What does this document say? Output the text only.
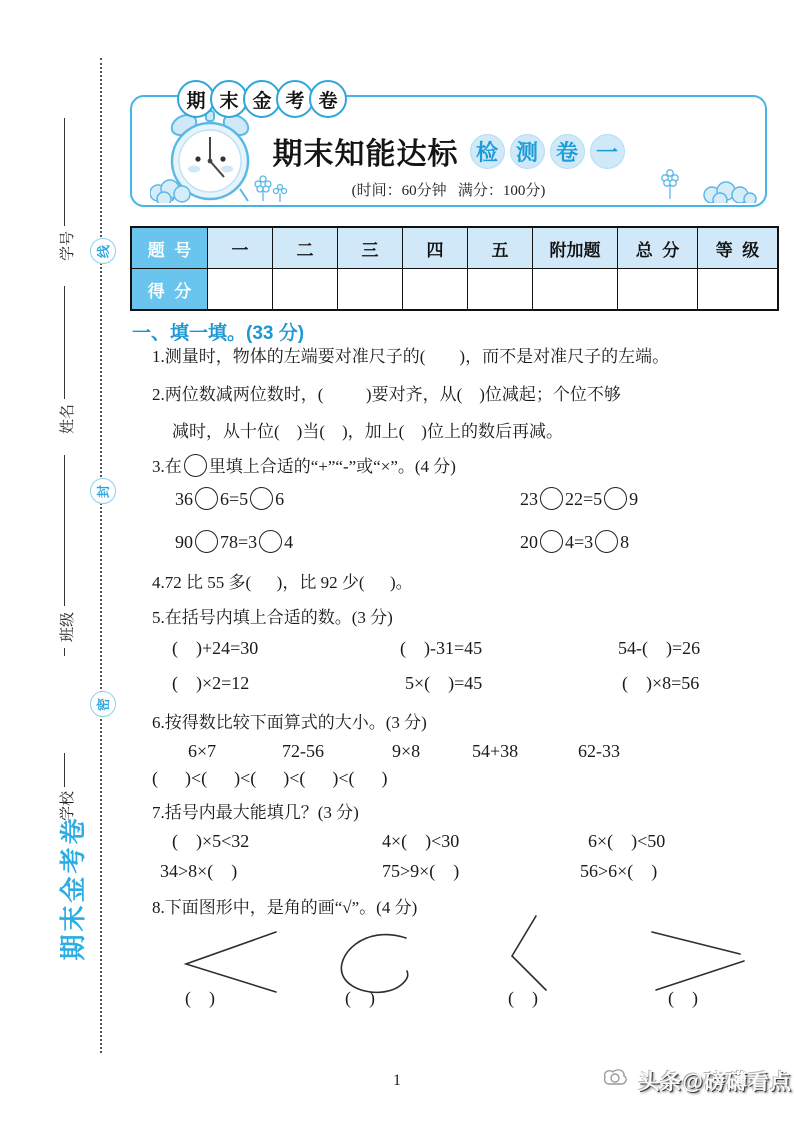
学号
姓名
班级
学校
线
封
密
期末金考卷
期 末 金 考 卷
期末知能达标 检 测 卷 一
(时间：60分钟   满分：100分)
题  号	一	二	三	四	五	附加题	总  分	等  级
得  分								
一、填一填。(33 分)
1.测量时，物体的左端要对准尺子的(        )，而不是对准尺子的左端。
2.两位数减两位数时，(          )要对齐，从(    )位减起；个位不够
减时，从十位(    )当(    )，加上(    )位上的数后再减。
3.在 里填上合适的“+”“-”或“×”。(4 分)
36 6=5 6	23 22=5 9
90 78=3 4	20 4=3 8
4.72 比 55 多(      )，比 92 少(      )。
5.在括号内填上合适的数。(3 分)
(    )+24=30	(    )-31=45	54-(    )=26
(    )×2=12	5×(    )=45	(    )×8=56
6.按得数比较下面算式的大小。(3 分)
6×7	72-56	9×8	54+38	62-33
(      )<(      )<(      )<(      )<(      )
7.括号内最大能填几？(3 分)
(    )×5<32	4×(    )<30	6×(    )<50
34>8×(    )	75>9×(    )	56>6×(    )
8.下面图形中，是角的画“√”。(4 分)
(    )	(    )	(    )	(    )
1	头条@磅礴看点
